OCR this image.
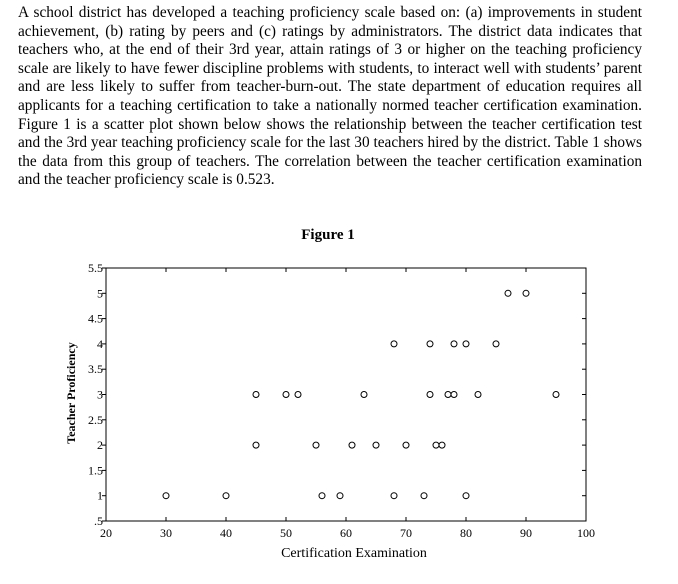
A school district has developed a teaching proficiency scale based on: (a) improvements in student achievement, (b) rating by peers and (c) ratings by administrators. The district data indicates that teachers who, at the end of their 3rd year, attain ratings of 3 or higher on the teaching proficiency scale are likely to have fewer discipline problems with students, to interact well with students’ parent and are less likely to suffer from teacher-burn-out. The state department of education requires all applicants for a teaching certification to take a nationally normed teacher certification examination. Figure 1 is a scatter plot shown below shows the relationship between the teacher certification test and the 3rd year teaching proficiency scale for the last 30 teachers hired by the district. Table 1 shows the data from this group of teachers. The correlation between the teacher certification examination and the teacher proficiency scale is 0.523.

Figure 1
20	30	40	50	60	70	80	90	100
.5
1
1.5
2
2.5
3
3.5
4
4.5
5
5.5
Certification Examination
Teacher Proficiency
